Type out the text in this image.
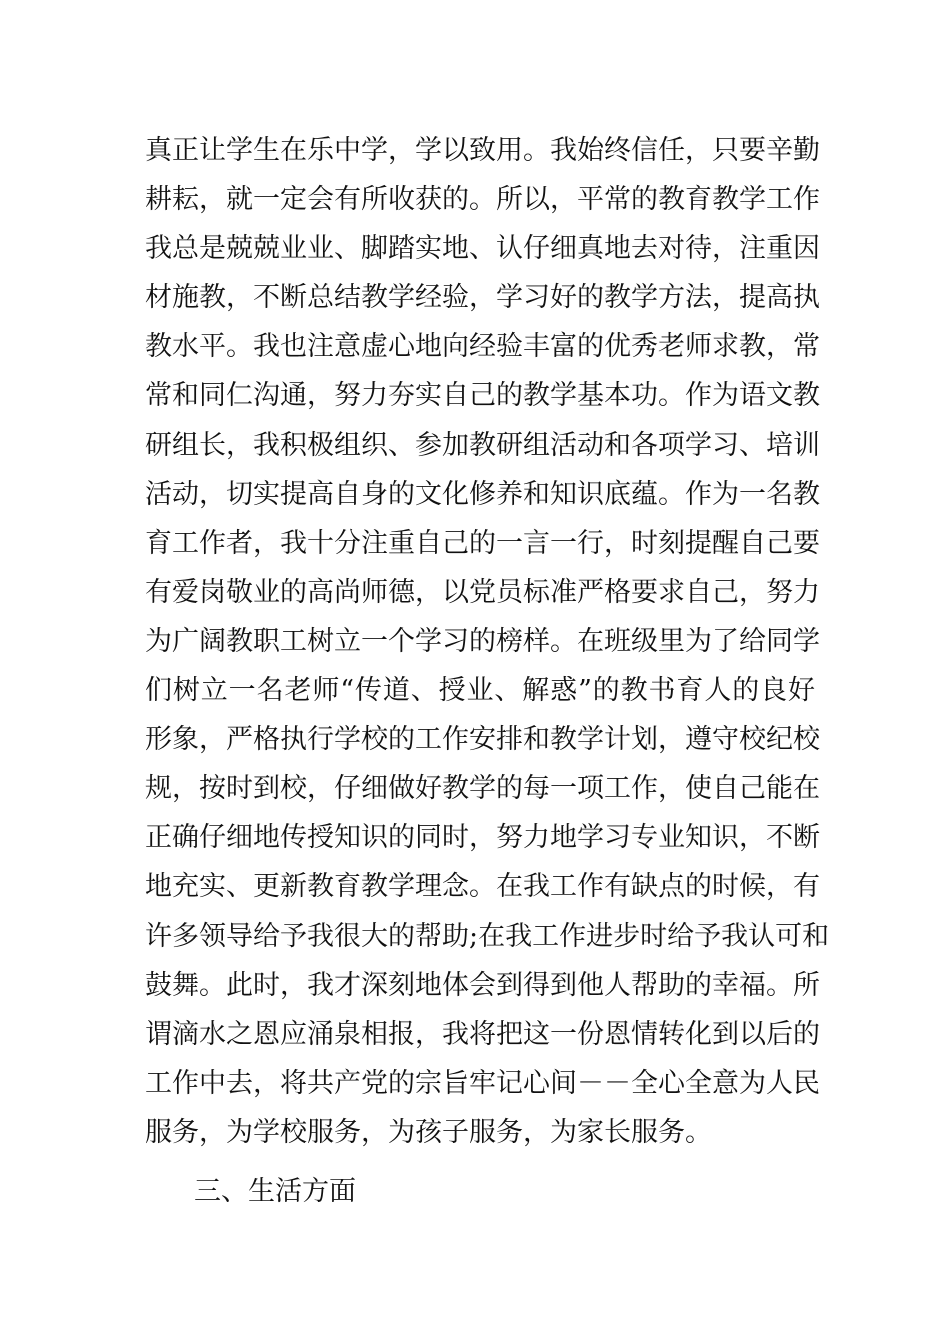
真正让学生在乐中学，学以致用。我始终信任，只要辛勤
耕耘，就一定会有所收获的。所以，平常的教育教学工作
我总是兢兢业业、脚踏实地、认仔细真地去对待，注重因
材施教，不断总结教学经验，学习好的教学方法，提高执
教水平。我也注意虚心地向经验丰富的优秀老师求教，常
常和同仁沟通，努力夯实自己的教学基本功。作为语文教
研组长，我积极组织、参加教研组活动和各项学习、培训
活动，切实提高自身的文化修养和知识底蕴。作为一名教
育工作者，我十分注重自己的一言一行，时刻提醒自己要
有爱岗敬业的高尚师德，以党员标准严格要求自己，努力
为广阔教职工树立一个学习的榜样。在班级里为了给同学
们树立一名老师“传道、授业、解惑”的教书育人的良好
形象，严格执行学校的工作安排和教学计划，遵守校纪校
规，按时到校，仔细做好教学的每一项工作，使自己能在
正确仔细地传授知识的同时，努力地学习专业知识，不断
地充实、更新教育教学理念。在我工作有缺点的时候，有
许多领导给予我很大的帮助;在我工作进步时给予我认可和
鼓舞。此时，我才深刻地体会到得到他人帮助的幸福。所
谓滴水之恩应涌泉相报，我将把这一份恩情转化到以后的
工作中去，将共产党的宗旨牢记心间－－全心全意为人民
服务，为学校服务，为孩子服务，为家长服务。
三、生活方面
